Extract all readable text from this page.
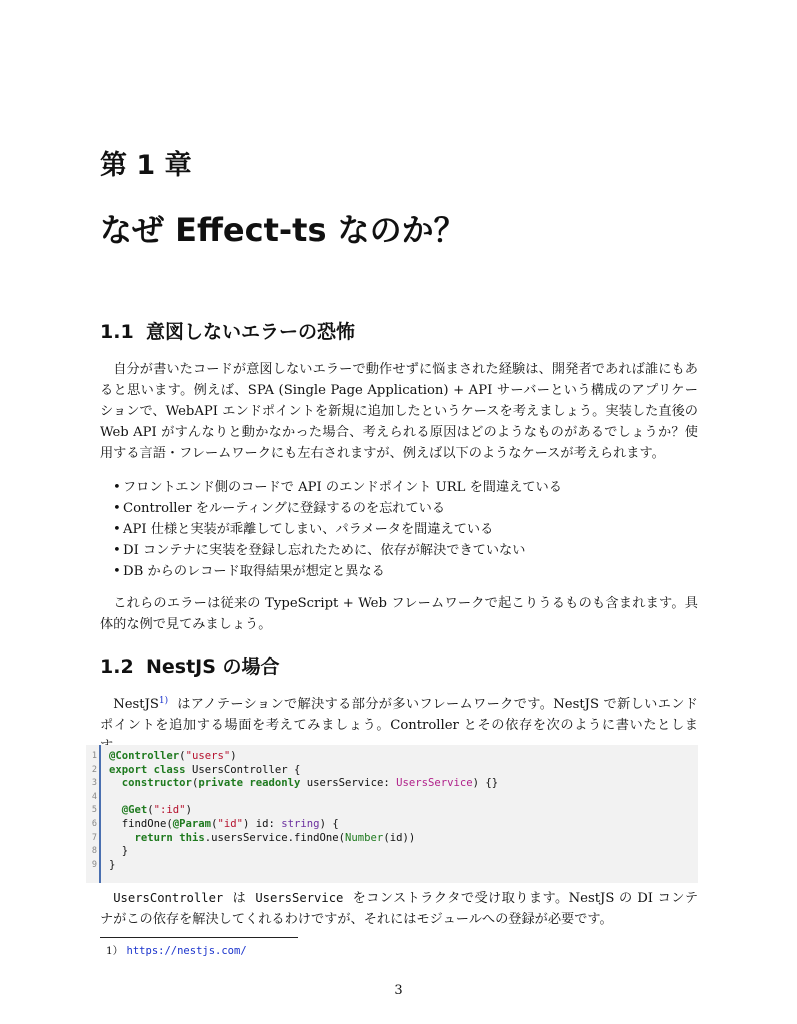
第 1 章
なぜ Effect-ts なのか？
1.1 意図しないエラーの恐怖

自分が書いたコードが意図しないエラーで動作せずに悩まされた経験は、開発者であれば誰にもあると思います。例えば、SPA (Single Page Application) + API サーバーという構成のアプリケーションで、WebAPI エンドポイントを新規に追加したというケースを考えましょう。実装した直後の Web API がすんなりと動かなかった場合、考えられる原因はどのようなものがあるでしょうか？使用する言語・フレームワークにも左右されますが、例えば以下のようなケースが考えられます。

• フロントエンド側のコードで API のエンドポイント URL を間違えている
• Controller をルーティングに登録するのを忘れている
• API 仕様と実装が乖離してしまい、パラメータを間違えている
• DI コンテナに実装を登録し忘れたために、依存が解決できていない
• DB からのレコード取得結果が想定と異なる

これらのエラーは従来の TypeScript + Web フレームワークで起こりうるものも含まれます。具体的な例で見てみましょう。

1.2 NestJS の場合

NestJS$^{1)}$ はアノテーションで解決する部分が多いフレームワークです。NestJS で新しいエンドポイントを追加する場面を考えてみましょう。Controller とその依存を次のように書いたとしま

1
2
3
4
5
6
7
8
9
@Controller("users")
export class UsersController {
constructor(private readonly usersService: UsersService) {}

@Get(":id")
findOne(@Param("id") id: string) {
return this.usersService.findOne(Number(id))
}
}

UsersController は UsersService をコンストラクタで受け取ります。NestJS の DI コンテナがこの依存を解決してくれるわけですが、それにはモジュールへの登録が必要です。

1） https://nestjs.com/
3
